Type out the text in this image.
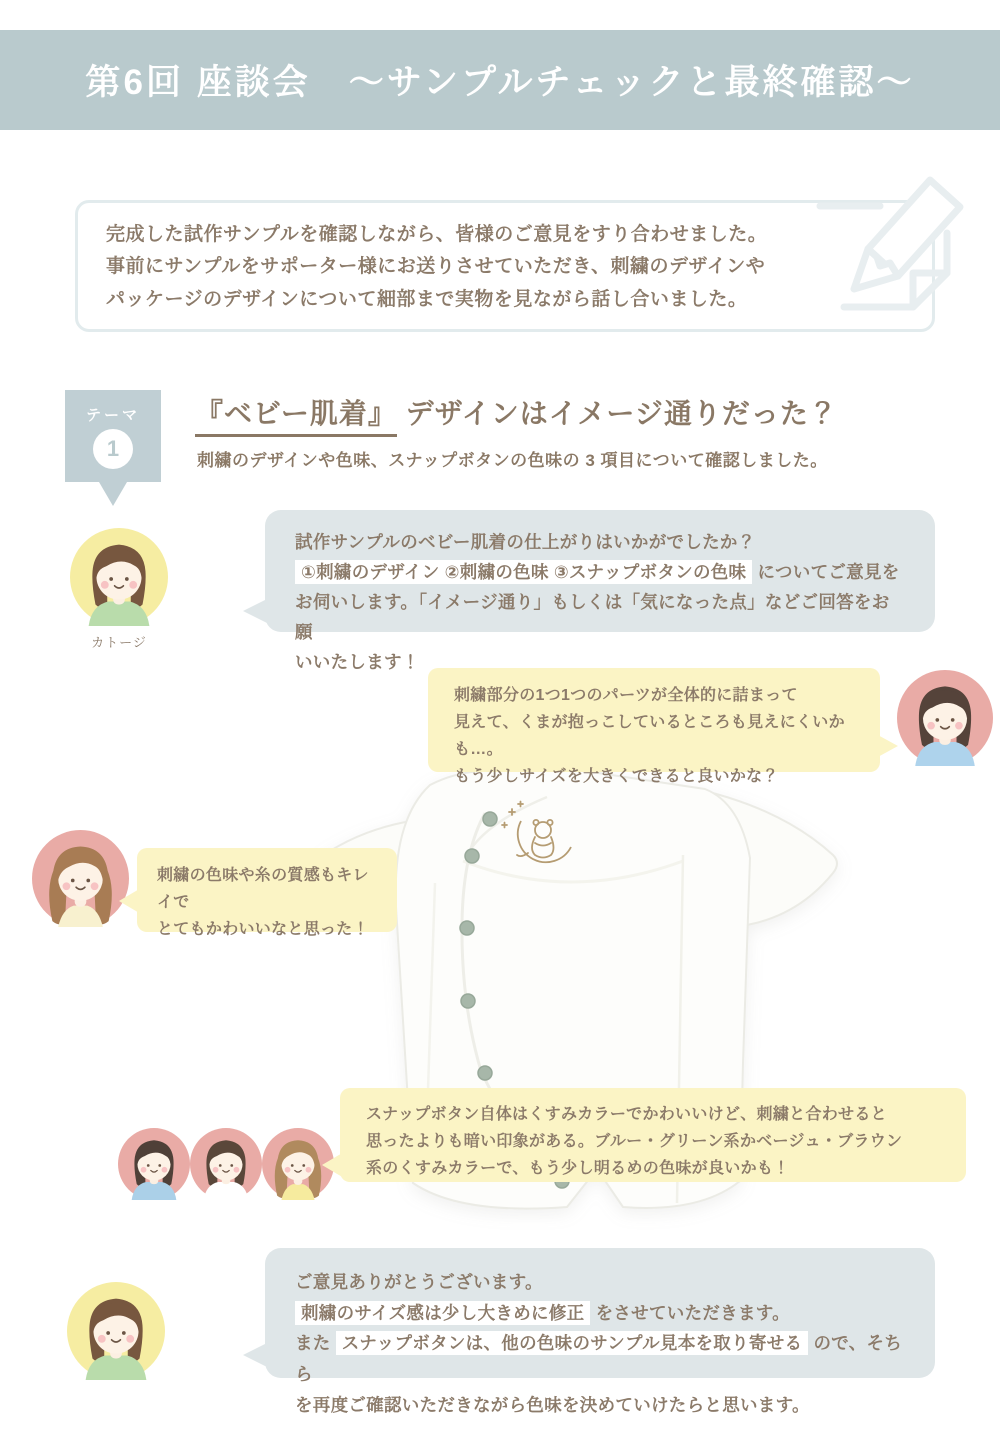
第6回 座談会　～サンプルチェックと最終確認～

完成した試作サンプルを確認しながら、皆様のご意見をすり合わせました。

事前にサンプルをサポーター様にお送りさせていただき、刺繍のデザインや

パッケージのデザインについて細部まで実物を見ながら話し合いました。

テーマ
1
『ベビー肌着』 デザインはイメージ通りだった？
刺繍のデザインや色味、スナップボタンの色味の 3 項目について確認しました。
カトージ

試作サンプルのベビー肌着の仕上がりはいかがでしたか？

①刺繍のデザイン ②刺繍の色味 ③スナップボタンの色味 についてご意見を

お伺いします。「イメージ通り」もしくは「気になった点」などご回答をお願

いいたします！

刺繍部分の1つ1つのパーツが全体的に詰まって

見えて、くまが抱っこしているところも見えにくいかも…。

もう少しサイズを大きくできると良いかな？

刺繍の色味や糸の質感もキレイで

とてもかわいいなと思った！

スナップボタン自体はくすみカラーでかわいいけど、刺繍と合わせると

思ったよりも暗い印象がある。ブルー・グリーン系かベージュ・ブラウン

系のくすみカラーで、もう少し明るめの色味が良いかも！

ご意見ありがとうございます。

刺繍のサイズ感は少し大きめに修正 をさせていただきます。

また スナップボタンは、他の色味のサンプル見本を取り寄せる ので、そちら

を再度ご確認いただきながら色味を決めていけたらと思います。
